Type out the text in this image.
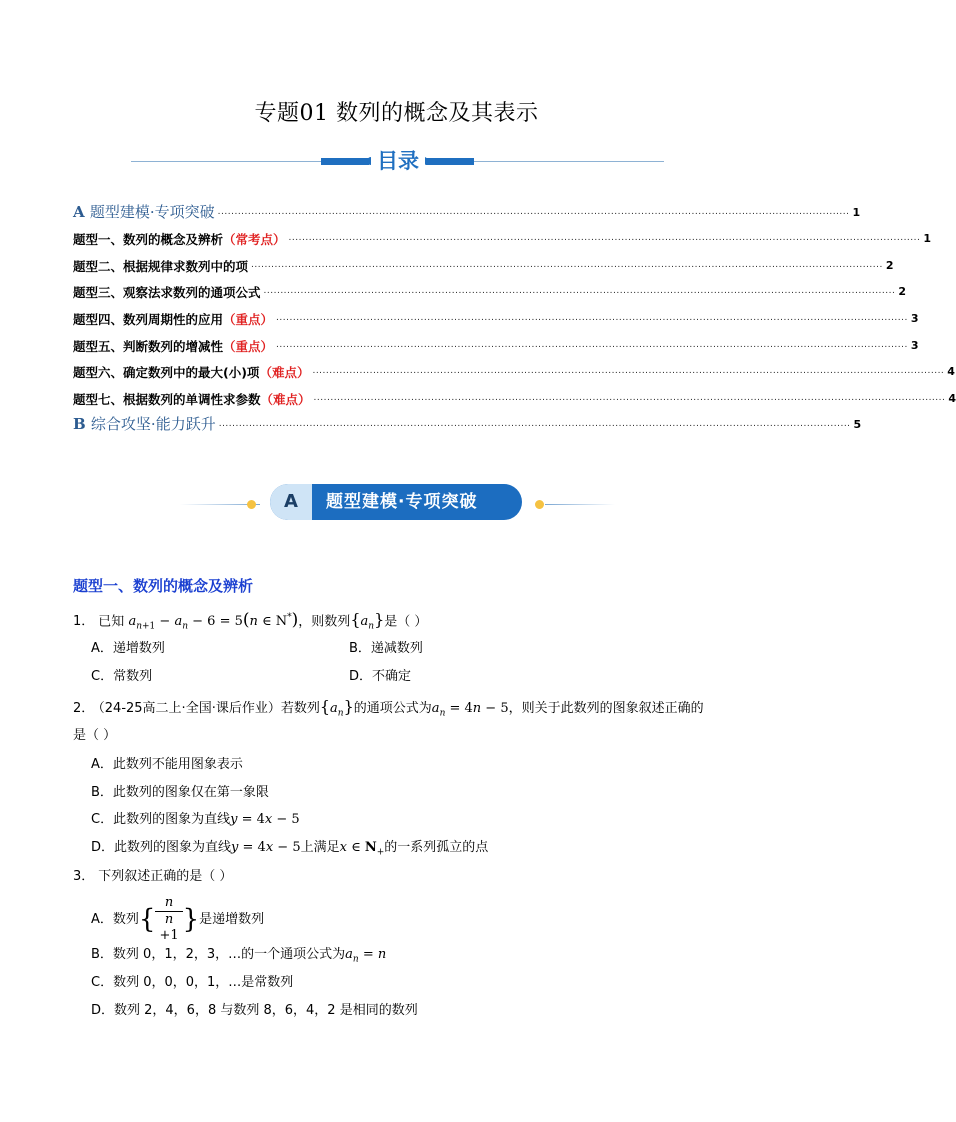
专题01 数列的概念及其表示
目录
A 题型建模·专项突破 ............................................................................................................................................................................................ 1
题型一、数列的概念及辨析（常考点） ............................................................................................................................................................................................ 1
题型二、根据规律求数列中的项 ............................................................................................................................................................................................ 2
题型三、观察法求数列的通项公式 ............................................................................................................................................................................................ 2
题型四、数列周期性的应用（重点） ............................................................................................................................................................................................ 3
题型五、判断数列的增减性（重点） ............................................................................................................................................................................................ 3
题型六、确定数列中的最大(小)项（难点） ............................................................................................................................................................................................ 4
题型七、根据数列的单调性求参数（难点） ............................................................................................................................................................................................ 4
B 综合攻坚·能力跃升 ............................................................................................................................................................................................ 5
A	题型建模·专项突破
题型一、数列的概念及辨析
1． 已知 $a_{n+1} - a_n - 6 = 5(n$ ∈ N*)，则数列$\{a_n\}$是（ ）
A．递增数列	B．递减数列
C．常数列	D．不确定
2． （24-25高二上·全国·课后作业）若数列$\{a_n\}$的通项公式为$a_n = 4n - 5$，则关于此数列的图象叙述正确的
是（ ）
A．此数列不能用图象表示
B．此数列的图象仅在第一象限
C．此数列的图象为直线y = 4x − 5
D．此数列的图象为直线y = 4x − 5上满足x ∈ $N_+$的一系列孤立的点
3． 下列叙述正确的是（ ）
A．数列{ n
n
+1 }是递增数列
B．数列 0，1，2，3，…的一个通项公式为$a_n = n$
C．数列 0，0，0，1，…是常数列
D．数列 2，4，6，8 与数列 8，6，4，2 是相同的数列
